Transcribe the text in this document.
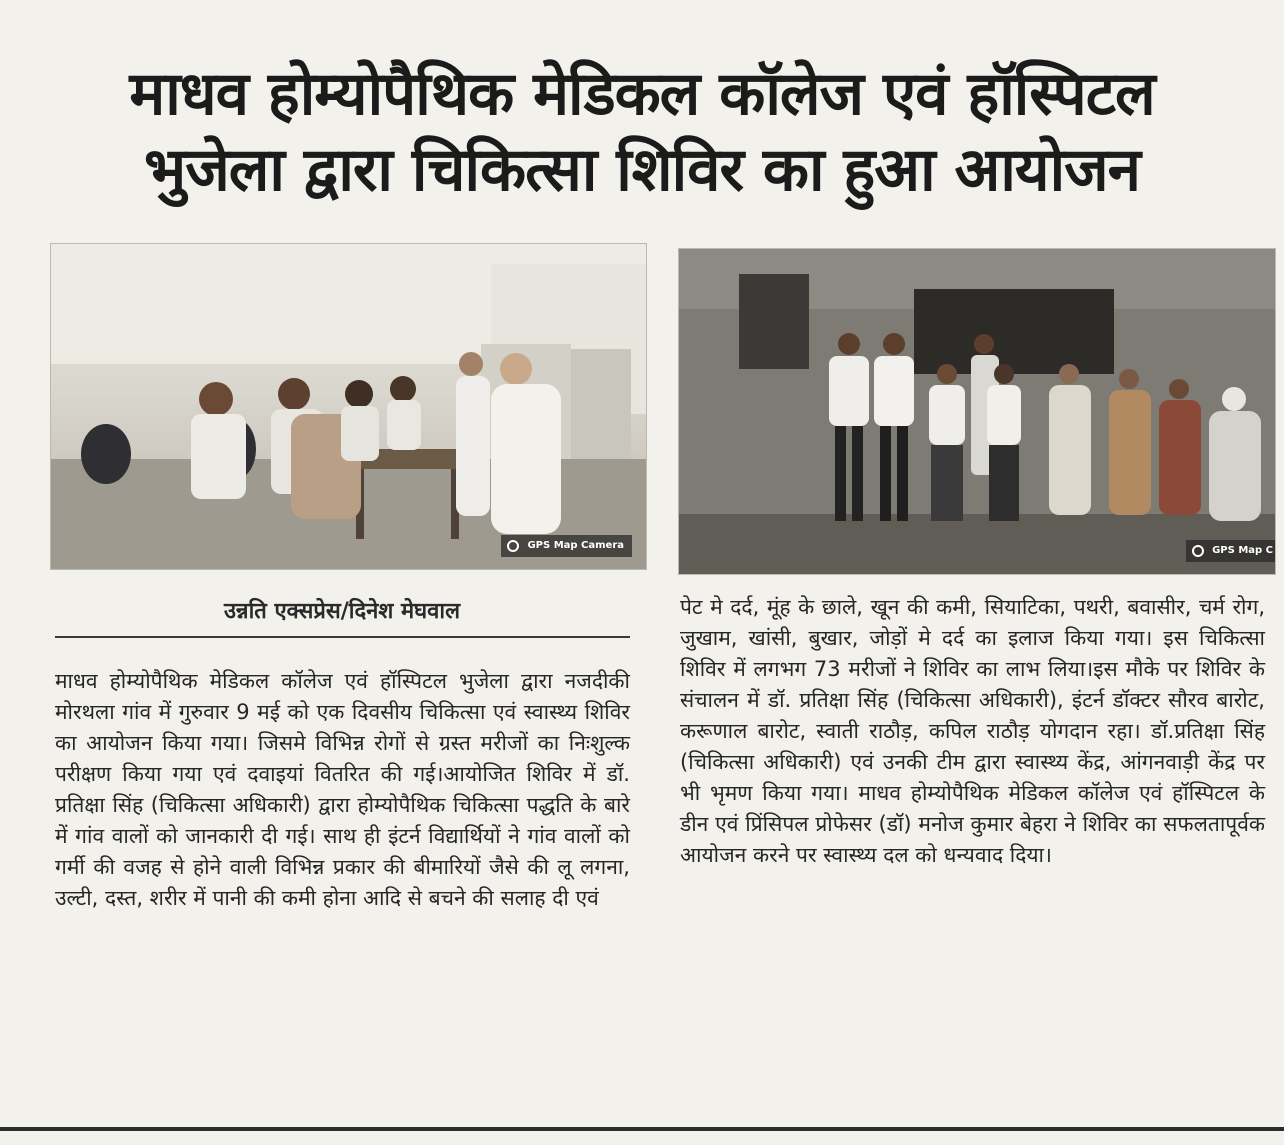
माधव होम्योपैथिक मेडिकल कॉलेज एवं हॉस्पिटल
भुजेला द्वारा चिकित्सा शिविर का हुआ आयोजन
GPS Map Camera	GPS Map C
उन्नति एक्सप्रेस/दिनेश मेघवाल
माधव होम्योपैथिक मेडिकल कॉलेज एवं हॉस्पिटल भुजेला द्वारा नजदीकी मोरथला गांव में गुरुवार 9 मई को एक दिवसीय चिकित्सा एवं स्वास्थ्य शिविर का आयोजन किया गया। जिसमे विभिन्न रोगों से ग्रस्त मरीजों का निःशुल्क परीक्षण किया गया एवं दवाइयां वितरित की गई।आयोजित शिविर में डॉ. प्रतिक्षा सिंह (चिकित्सा अधिकारी) द्वारा होम्योपैथिक चिकित्सा पद्धति के बारे में गांव वालों को जानकारी दी गई। साथ ही इंटर्न विद्यार्थियों ने गांव वालों को गर्मी की वजह से होने वाली विभिन्न प्रकार की बीमारियों जैसे की लू लगना, उल्टी, दस्त, शरीर में पानी की कमी होना आदि से बचने की सलाह दी एवं
पेट मे दर्द, मूंह के छाले, खून की कमी, सियाटिका, पथरी, बवासीर, चर्म रोग, जुखाम, खांसी, बुखार, जोड़ों मे दर्द का इलाज किया गया। इस चिकित्सा शिविर में लगभग 73 मरीजों ने शिविर का लाभ लिया।इस मौके पर शिविर के संचालन में डॉ. प्रतिक्षा सिंह (चिकित्सा अधिकारी), इंटर्न डॉक्टर सौरव बारोट, करूणाल बारोट, स्वाती राठौड़, कपिल राठौड़ योगदान रहा। डॉ.प्रतिक्षा सिंह (चिकित्सा अधिकारी) एवं उनकी टीम द्वारा स्वास्थ्य केंद्र, आंगनवाड़ी केंद्र पर भी भृमण किया गया। माधव होम्योपैथिक मेडिकल कॉलेज एवं हॉस्पिटल के डीन एवं प्रिंसिपल प्रोफेसर (डॉ) मनोज कुमार बेहरा ने शिविर का सफलतापूर्वक आयोजन करने पर स्वास्थ्य दल को धन्यवाद दिया।
